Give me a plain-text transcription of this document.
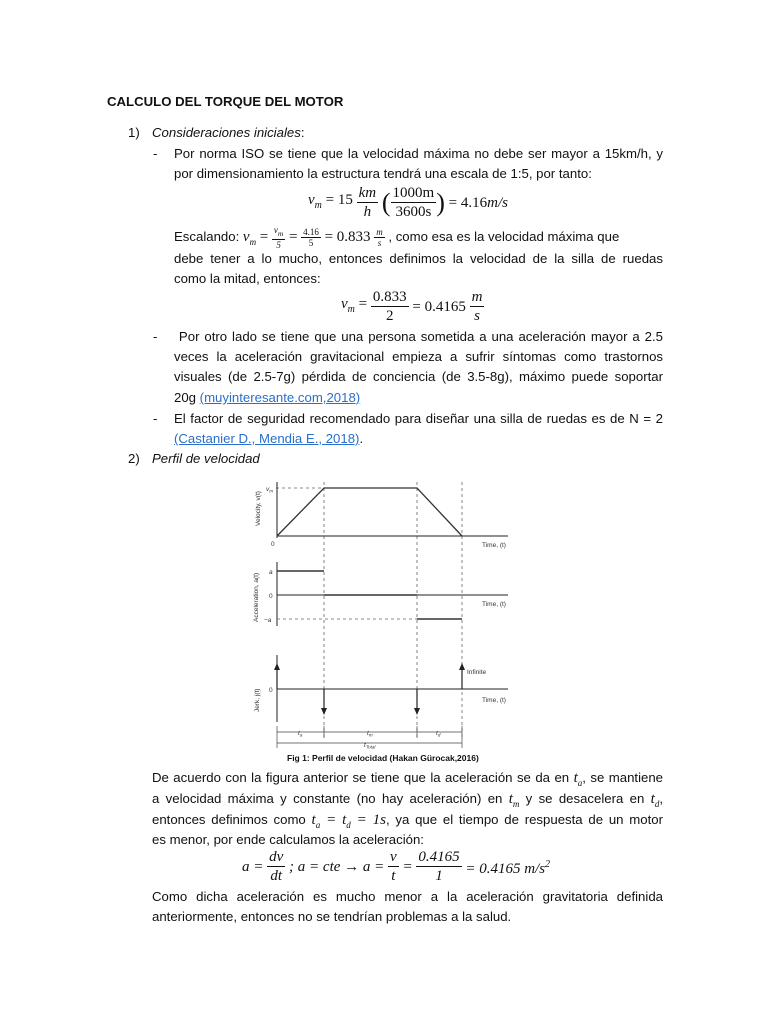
CALCULO DEL TORQUE DEL MOTOR
1) Consideraciones iniciales:
- Por norma ISO se tiene que la velocidad máxima no debe ser mayor a 15km/h, y
por dimensionamiento la estructura tendrá una escala de 1:5, por tanto:
$v_m = 15 \frac{km}{h}$ ( $\frac{1000m}{3600s}$ ) = 4.16m/s
Escalando: $v_m = \frac{v_m}{5} = \frac{4.16}{5} = 0.833 \frac{m}{s}$ , como esa es la velocidad máxima que
debe tener a lo mucho, entonces definimos la velocidad de la silla de ruedas
como la mitad, entonces:
$v_m = \frac{0.833}{2} = 0.4165 \frac{m}{s}$
- Por otro lado se tiene que una persona sometida a una aceleración mayor a 2.5
veces la aceleración gravitacional empieza a sufrir síntomas como trastornos
visuales (de 2.5-7g) pérdida de conciencia (de 3.5-8g), máximo puede soportar
20g (muyinteresante.com,2018)
- El factor de seguridad recomendado para diseñar una silla de ruedas es de N = 2
(Castanier D., Mendia E., 2018).
2) Perfil de velocidad
Velocity, v(t)
$v_m$
0	Time, (t)
Acceleration, a(t)
a
0
−a
Time, (t)
Jerk, j(t) 0
Infinite
Time, (t)
$t_a$	$t_m$	$t_d$
$t_{Total}$
Fig 1: Perfil de velocidad (Hakan Gürocak,2016)
De acuerdo con la figura anterior se tiene que la aceleración se da en $t_a$, se mantiene
a velocidad máxima y constante (no hay aceleración) en $t_m$ y se desacelera en $t_d$,
entonces definimos como $t_a = t_d = 1s$, ya que el tiempo de respuesta de un motor
es menor, por ende calculamos la aceleración:
$a = \frac{dv}{dt}$ ; a = cte → $a = \frac{v}{t} = \frac{0.4165}{1} = 0.4165$ $m/s^2$
Como dicha aceleración es mucho menor a la aceleración gravitatoria definida
anteriormente, entonces no se tendrían problemas a la salud.
